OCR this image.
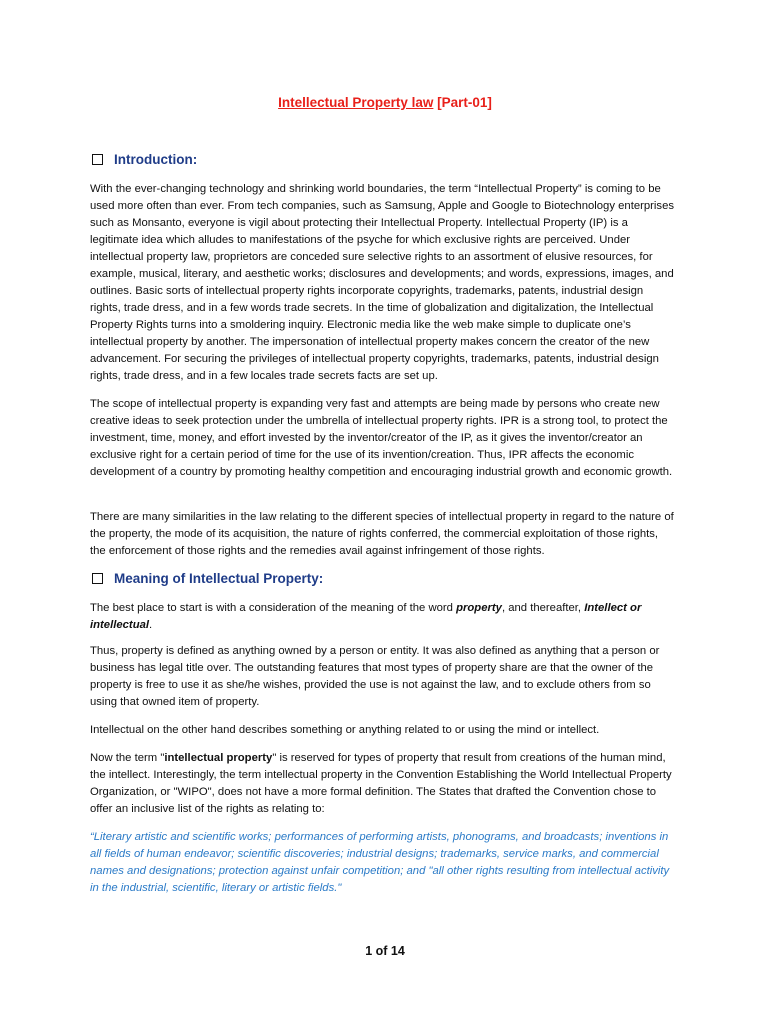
Intellectual Property law [Part-01]
Introduction:

With the ever-changing technology and shrinking world boundaries, the term “Intellectual Property” is coming to be used more often than ever. From tech companies, such as Samsung, Apple and Google to Biotechnology enterprises such as Monsanto, everyone is vigil about protecting their Intellectual Property. Intellectual Property (IP) is a legitimate idea which alludes to manifestations of the psyche for which exclusive rights are perceived. Under intellectual property law, proprietors are conceded sure selective rights to an assortment of elusive resources, for example, musical, literary, and aesthetic works; disclosures and developments; and words, expressions, images, and outlines. Basic sorts of intellectual property rights incorporate copyrights, trademarks, patents, industrial design rights, trade dress, and in a few words trade secrets. In the time of globalization and digitalization, the Intellectual Property Rights turns into a smoldering inquiry. Electronic media like the web make simple to duplicate one’s intellectual property by another. The impersonation of intellectual property makes concern the creator of the new advancement. For securing the privileges of intellectual property copyrights, trademarks, patents, industrial design rights, trade dress, and in a few locales trade secrets facts are set up.

The scope of intellectual property is expanding very fast and attempts are being made by persons who create new creative ideas to seek protection under the umbrella of intellectual property rights. IPR is a strong tool, to protect the investment, time, money, and effort invested by the inventor/creator of the IP, as it gives the inventor/creator an exclusive right for a certain period of time for the use of its invention/creation. Thus, IPR affects the economic development of a country by promoting healthy competition and encouraging industrial growth and economic growth.

There are many similarities in the law relating to the different species of intellectual property in regard to the nature of the property, the mode of its acquisition, the nature of rights conferred, the commercial exploitation of those rights, the enforcement of those rights and the remedies avail against infringement of those rights.

Meaning of Intellectual Property:

The best place to start is with a consideration of the meaning of the word property, and thereafter, Intellect or intellectual.

Thus, property is defined as anything owned by a person or entity. It was also defined as anything that a person or business has legal title over. The outstanding features that most types of property share are that the owner of the property is free to use it as she/he wishes, provided the use is not against the law, and to exclude others from so using that owned item of property.

Intellectual on the other hand describes something or anything related to or using the mind or intellect.

Now the term "intellectual property" is reserved for types of property that result from creations of the human mind, the intellect. Interestingly, the term intellectual property in the Convention Establishing the World Intellectual Property Organization, or "WIPO", does not have a more formal definition. The States that drafted the Convention chose to offer an inclusive list of the rights as relating to:

“Literary artistic and scientific works; performances of performing artists, phonograms, and broadcasts; inventions in all fields of human endeavor; scientific discoveries; industrial designs; trademarks, service marks, and commercial names and designations; protection against unfair competition; and "all other rights resulting from intellectual activity in the industrial, scientific, literary or artistic fields."

1 of 14
